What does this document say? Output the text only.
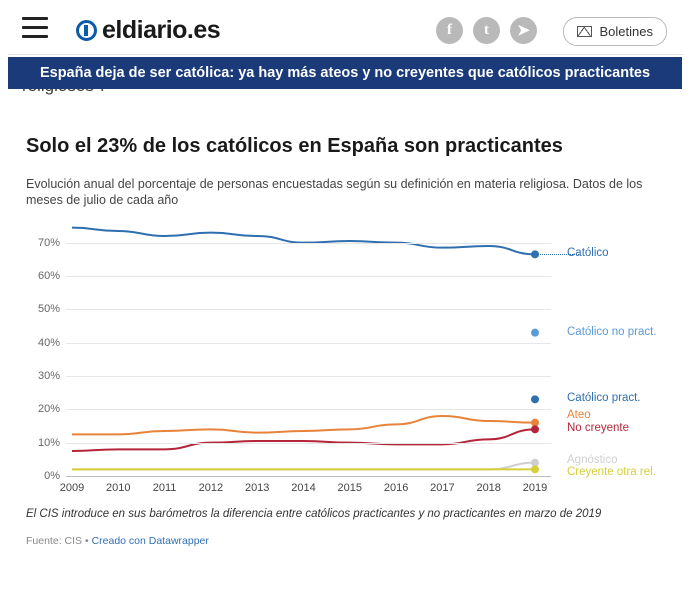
eldiario.es	f	t	➤	Boletines
España deja de ser católica: ya hay más ateos y no creyentes que católicos practicantes
Solo el 23% de los católicos en España son practicantes
Evolución anual del porcentaje de personas encuestadas según su definición en materia religiosa. Datos de los meses de julio de cada año
0%
10%
20%
30%
40%
50%
60%
70%
2009 2010 2011 2012 2013 2014 2015 2016 2017 2018 2019
Católico
Católico no pract.
Católico pract.
Ateo
No creyente
Agnóstico
Creyente otra rel.
El CIS introduce en sus barómetros la diferencia entre católicos practicantes y no practicantes en marzo de 2019
Fuente: CIS • Creado con Datawrapper
